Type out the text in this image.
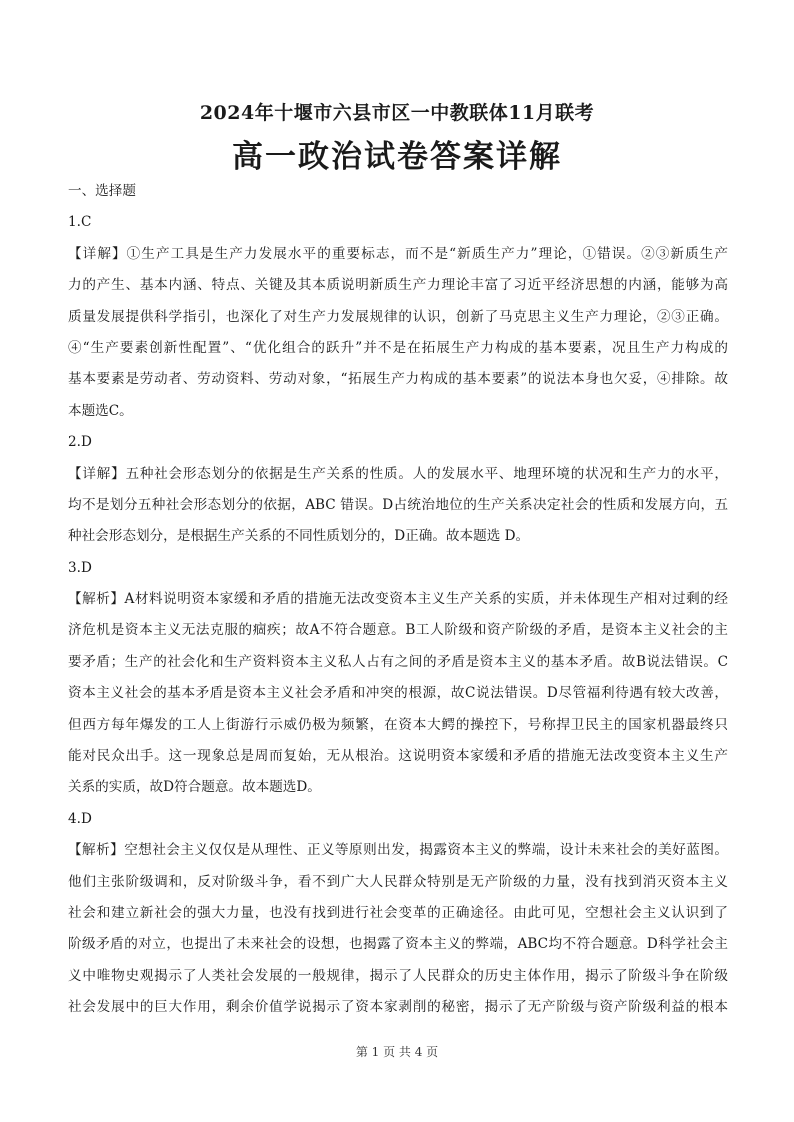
2024年十堰市六县市区一中教联体11月联考
高一政治试卷答案详解
一、选择题
1.C
【详解】①生产工具是生产力发展水平的重要标志，而不是“新质生产力”理论，①错误。②③新质生产
力的产生、基本内涵、特点、关键及其本质说明新质生产力理论丰富了习近平经济思想的内涵，能够为高
质量发展提供科学指引，也深化了对生产力发展规律的认识，创新了马克思主义生产力理论，②③正确。
④“生产要素创新性配置”、“优化组合的跃升”并不是在拓展生产力构成的基本要素，况且生产力构成的
基本要素是劳动者、劳动资料、劳动对象，“拓展生产力构成的基本要素”的说法本身也欠妥，④排除。故
本题选C。
2.D
【详解】五种社会形态划分的依据是生产关系的性质。人的发展水平、地理环境的状况和生产力的水平，
均不是划分五种社会形态划分的依据，ABC 错误。D占统治地位的生产关系决定社会的性质和发展方向，五
种社会形态划分，是根据生产关系的不同性质划分的，D正确。故本题选 D。
3.D
【解析】A材料说明资本家缓和矛盾的措施无法改变资本主义生产关系的实质，并未体现生产相对过剩的经
济危机是资本主义无法克服的痼疾；故A不符合题意。B工人阶级和资产阶级的矛盾，是资本主义社会的主
要矛盾；生产的社会化和生产资料资本主义私人占有之间的矛盾是资本主义的基本矛盾。故B说法错误。C
资本主义社会的基本矛盾是资本主义社会矛盾和冲突的根源，故C说法错误。D尽管福利待遇有较大改善，
但西方每年爆发的工人上街游行示威仍极为频繁，在资本大鳄的操控下，号称捍卫民主的国家机器最终只
能对民众出手。这一现象总是周而复始，无从根治。这说明资本家缓和矛盾的措施无法改变资本主义生产
关系的实质，故D符合题意。故本题选D。
4.D
【解析】空想社会主义仅仅是从理性、正义等原则出发，揭露资本主义的弊端，设计未来社会的美好蓝图。
他们主张阶级调和，反对阶级斗争，看不到广大人民群众特别是无产阶级的力量，没有找到消灭资本主义
社会和建立新社会的强大力量，也没有找到进行社会变革的正确途径。由此可见，空想社会主义认识到了
阶级矛盾的对立，也提出了未来社会的设想，也揭露了资本主义的弊端，ABC均不符合题意。D科学社会主
义中唯物史观揭示了人类社会发展的一般规律，揭示了人民群众的历史主体作用，揭示了阶级斗争在阶级
社会发展中的巨大作用，剩余价值学说揭示了资本家剥削的秘密，揭示了无产阶级与资产阶级利益的根本
第 1 页 共 4 页
